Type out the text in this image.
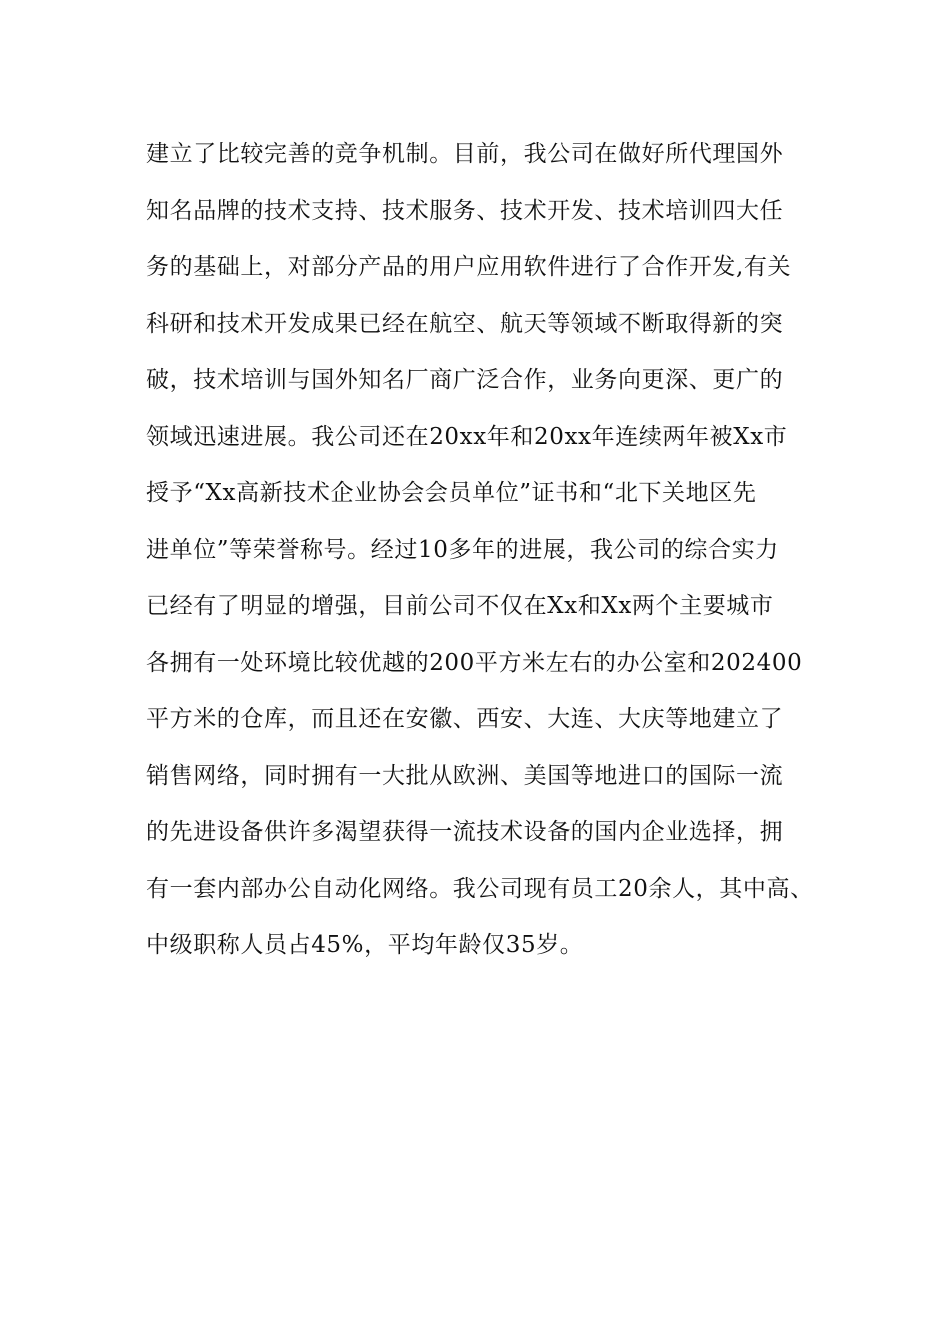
建立了比较完善的竞争机制。目前，我公司在做好所代理国外
知名品牌的技术支持、技术服务、技术开发、技术培训四大任
务的基础上，对部分产品的用户应用软件进行了合作开发,有关
科研和技术开发成果已经在航空、航天等领域不断取得新的突
破，技术培训与国外知名厂商广泛合作，业务向更深、更广的
领域迅速进展。我公司还在20xx年和20xx年连续两年被Xx市
授予“Xx高新技术企业协会会员单位”证书和“北下关地区先
进单位”等荣誉称号。经过10多年的进展，我公司的综合实力
已经有了明显的增强，目前公司不仅在Xx和Xx两个主要城市
各拥有一处环境比较优越的200平方米左右的办公室和202400
平方米的仓库，而且还在安徽、西安、大连、大庆等地建立了
销售网络，同时拥有一大批从欧洲、美国等地进口的国际一流
的先进设备供许多渴望获得一流技术设备的国内企业选择，拥
有一套内部办公自动化网络。我公司现有员工20余人，其中高、
中级职称人员占45%，平均年龄仅35岁。
